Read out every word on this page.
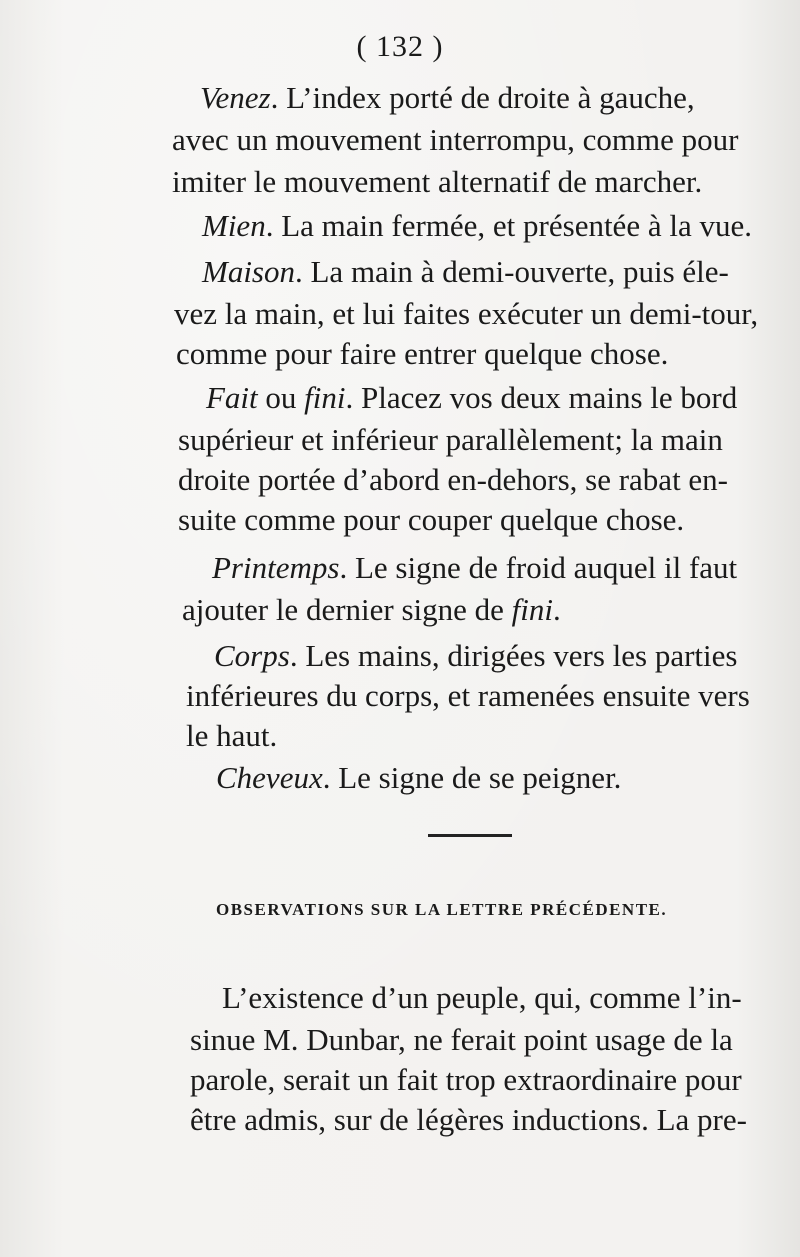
( 132 )
Venez. L’index porté de droite à gauche,
avec un mouvement interrompu, comme pour
imiter le mouvement alternatif de marcher.
Mien. La main fermée, et présentée à la vue.
Maison. La main à demi-ouverte, puis éle-
vez la main, et lui faites exécuter un demi-tour,
comme pour faire entrer quelque chose.
Fait ou fini. Placez vos deux mains le bord
supérieur et inférieur parallèlement; la main
droite portée d’abord en-dehors, se rabat en-
suite comme pour couper quelque chose.
Printemps. Le signe de froid auquel il faut
ajouter le dernier signe de fini.
Corps. Les mains, dirigées vers les parties
inférieures du corps, et ramenées ensuite vers
le haut.
Cheveux. Le signe de se peigner.
OBSERVATIONS SUR LA LETTRE PRÉCÉDENTE.
L’existence d’un peuple, qui, comme l’in-
sinue M. Dunbar, ne ferait point usage de la
parole, serait un fait trop extraordinaire pour
être admis, sur de légères inductions. La pre-
